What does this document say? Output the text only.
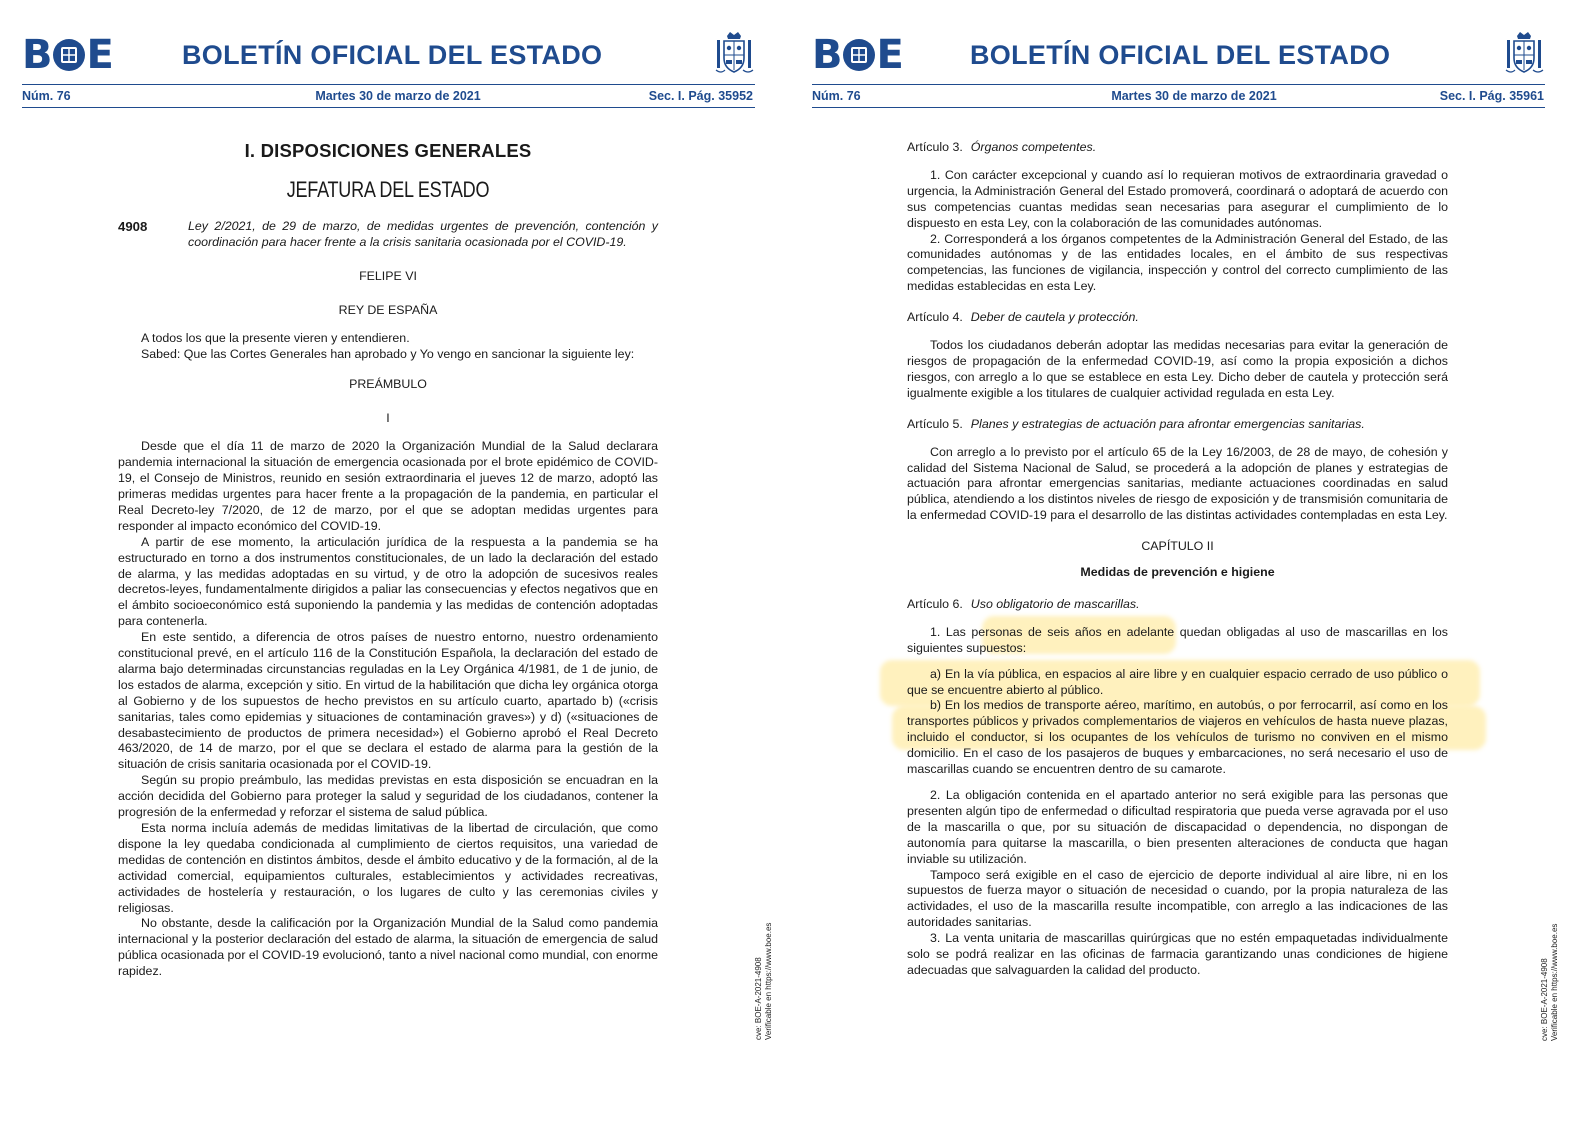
B E	BOLETÍN OFICIAL DEL ESTADO
Núm. 76	Martes 30 de marzo de 2021	Sec. I. Pág. 35952
I. DISPOSICIONES GENERALES
JEFATURA DEL ESTADO
4908	Ley 2/2021, de 29 de marzo, de medidas urgentes de prevención, contención y coordinación para hacer frente a la crisis sanitaria ocasionada por el COVID-19.
FELIPE VI
REY DE ESPAÑA
A todos los que la presente vieren y entendieren.
Sabed: Que las Cortes Generales han aprobado y Yo vengo en sancionar la siguiente ley:
PREÁMBULO
I
Desde que el día 11 de marzo de 2020 la Organización Mundial de la Salud declarara pandemia internacional la situación de emergencia ocasionada por el brote epidémico de COVID-19, el Consejo de Ministros, reunido en sesión extraordinaria el jueves 12 de marzo, adoptó las primeras medidas urgentes para hacer frente a la propagación de la pandemia, en particular el Real Decreto-ley 7/2020, de 12 de marzo, por el que se adoptan medidas urgentes para responder al impacto económico del COVID-19.
A partir de ese momento, la articulación jurídica de la respuesta a la pandemia se ha estructurado en torno a dos instrumentos constitucionales, de un lado la declaración del estado de alarma, y las medidas adoptadas en su virtud, y de otro la adopción de sucesivos reales decretos-leyes, fundamentalmente dirigidos a paliar las consecuencias y efectos negativos que en el ámbito socioeconómico está suponiendo la pandemia y las medidas de contención adoptadas para contenerla.
En este sentido, a diferencia de otros países de nuestro entorno, nuestro ordenamiento constitucional prevé, en el artículo 116 de la Constitución Española, la declaración del estado de alarma bajo determinadas circunstancias reguladas en la Ley Orgánica 4/1981, de 1 de junio, de los estados de alarma, excepción y sitio. En virtud de la habilitación que dicha ley orgánica otorga al Gobierno y de los supuestos de hecho previstos en su artículo cuarto, apartado b) («crisis sanitarias, tales como epidemias y situaciones de contaminación graves») y d) («situaciones de desabastecimiento de productos de primera necesidad») el Gobierno aprobó el Real Decreto 463/2020, de 14 de marzo, por el que se declara el estado de alarma para la gestión de la situación de crisis sanitaria ocasionada por el COVID-19.
Según su propio preámbulo, las medidas previstas en esta disposición se encuadran en la acción decidida del Gobierno para proteger la salud y seguridad de los ciudadanos, contener la progresión de la enfermedad y reforzar el sistema de salud pública.
Esta norma incluía además de medidas limitativas de la libertad de circulación, que como dispone la ley quedaba condicionada al cumplimiento de ciertos requisitos, una variedad de medidas de contención en distintos ámbitos, desde el ámbito educativo y de la formación, al de la actividad comercial, equipamientos culturales, establecimientos y actividades recreativas, actividades de hostelería y restauración, o los lugares de culto y las ceremonias civiles y religiosas.
No obstante, desde la calificación por la Organización Mundial de la Salud como pandemia internacional y la posterior declaración del estado de alarma, la situación de emergencia de salud pública ocasionada por el COVID-19 evolucionó, tanto a nivel nacional como mundial, con enorme rapidez.	cve: BOE-A-2021-4908 Verificable en https://www.boe.es
B E	BOLETÍN OFICIAL DEL ESTADO
Núm. 76	Martes 30 de marzo de 2021	Sec. I. Pág. 35961
Artículo 3. Órganos competentes.
1. Con carácter excepcional y cuando así lo requieran motivos de extraordinaria gravedad o urgencia, la Administración General del Estado promoverá, coordinará o adoptará de acuerdo con sus competencias cuantas medidas sean necesarias para asegurar el cumplimiento de lo dispuesto en esta Ley, con la colaboración de las comunidades autónomas.
2. Corresponderá a los órganos competentes de la Administración General del Estado, de las comunidades autónomas y de las entidades locales, en el ámbito de sus respectivas competencias, las funciones de vigilancia, inspección y control del correcto cumplimiento de las medidas establecidas en esta Ley.
Artículo 4. Deber de cautela y protección.
Todos los ciudadanos deberán adoptar las medidas necesarias para evitar la generación de riesgos de propagación de la enfermedad COVID-19, así como la propia exposición a dichos riesgos, con arreglo a lo que se establece en esta Ley. Dicho deber de cautela y protección será igualmente exigible a los titulares de cualquier actividad regulada en esta Ley.
Artículo 5. Planes y estrategias de actuación para afrontar emergencias sanitarias.
Con arreglo a lo previsto por el artículo 65 de la Ley 16/2003, de 28 de mayo, de cohesión y calidad del Sistema Nacional de Salud, se procederá a la adopción de planes y estrategias de actuación para afrontar emergencias sanitarias, mediante actuaciones coordinadas en salud pública, atendiendo a los distintos niveles de riesgo de exposición y de transmisión comunitaria de la enfermedad COVID-19 para el desarrollo de las distintas actividades contempladas en esta Ley.
CAPÍTULO II
Medidas de prevención e higiene
Artículo 6. Uso obligatorio de mascarillas.
1. Las personas de seis años en adelante quedan obligadas al uso de mascarillas en los siguientes supuestos:
a) En la vía pública, en espacios al aire libre y en cualquier espacio cerrado de uso público o que se encuentre abierto al público.
b) En los medios de transporte aéreo, marítimo, en autobús, o por ferrocarril, así como en los transportes públicos y privados complementarios de viajeros en vehículos de hasta nueve plazas, incluido el conductor, si los ocupantes de los vehículos de turismo no conviven en el mismo domicilio. En el caso de los pasajeros de buques y embarcaciones, no será necesario el uso de mascarillas cuando se encuentren dentro de su camarote.
2. La obligación contenida en el apartado anterior no será exigible para las personas que presenten algún tipo de enfermedad o dificultad respiratoria que pueda verse agravada por el uso de la mascarilla o que, por su situación de discapacidad o dependencia, no dispongan de autonomía para quitarse la mascarilla, o bien presenten alteraciones de conducta que hagan inviable su utilización.
Tampoco será exigible en el caso de ejercicio de deporte individual al aire libre, ni en los supuestos de fuerza mayor o situación de necesidad o cuando, por la propia naturaleza de las actividades, el uso de la mascarilla resulte incompatible, con arreglo a las indicaciones de las autoridades sanitarias.
3. La venta unitaria de mascarillas quirúrgicas que no estén empaquetadas individualmente solo se podrá realizar en las oficinas de farmacia garantizando unas condiciones de higiene adecuadas que salvaguarden la calidad del producto.	cve: BOE-A-2021-4908 Verificable en https://www.boe.es
